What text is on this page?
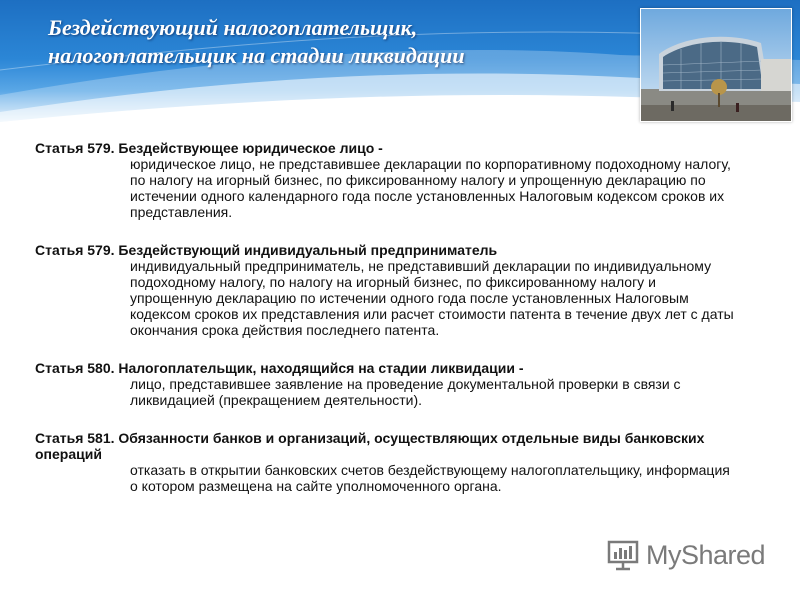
Бездействующий налогоплательщик,
налогоплательщик на стадии ликвидации
Статья 579. Бездействующее юридическое лицо -
юридическое лицо, не представившее декларации по корпоративному подоходному налогу, по налогу на игорный бизнес, по фиксированному налогу и упрощенную декларацию по истечении одного календарного года после установленных Налоговым кодексом сроков их представления.
Статья 579. Бездействующий индивидуальный предприниматель
индивидуальный предприниматель, не представивший декларации по индивидуальному подоходному налогу, по налогу на игорный бизнес, по фиксированному налогу и упрощенную декларацию по истечении одного года после установленных Налоговым кодексом сроков их представления или расчет стоимости патента в течение двух лет с даты окончания срока действия последнего патента.
Статья 580. Налогоплательщик, находящийся на стадии ликвидации -
лицо, представившее заявление на проведение документальной проверки в связи с ликвидацией (прекращением деятельности).
Статья 581. Обязанности банков и организаций, осуществляющих отдельные виды банковских операций
отказать в открытии банковских счетов бездействующему налогоплательщику, информация о котором размещена на сайте уполномоченного органа.
MyShared
